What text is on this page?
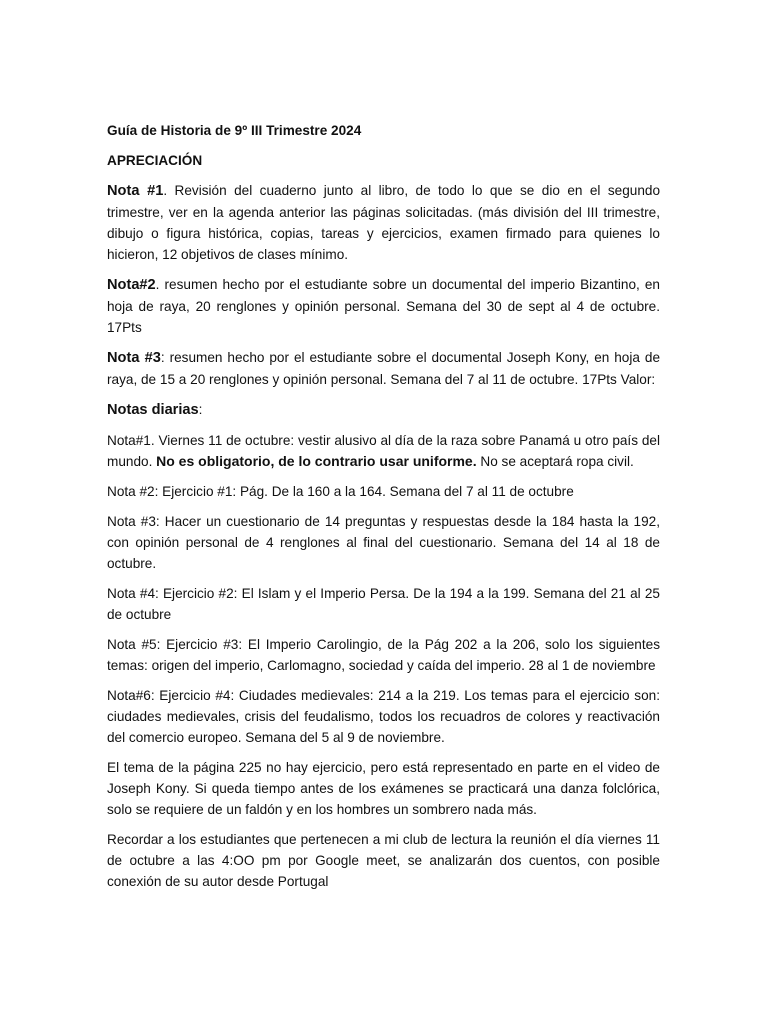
Guía de Historia de 9º III Trimestre 2024
APRECIACIÓN

Nota #1. Revisión del cuaderno junto al libro, de todo lo que se dio en el segundo trimestre, ver en la agenda anterior las páginas solicitadas. (más división del III trimestre, dibujo o figura histórica, copias, tareas y ejercicios, examen firmado para quienes lo hicieron, 12 objetivos de clases mínimo.

Nota#2. resumen hecho por el estudiante sobre un documental del imperio Bizantino, en hoja de raya, 20 renglones y opinión personal. Semana del 30 de sept al 4 de octubre. 17Pts

Nota #3: resumen hecho por el estudiante sobre el documental Joseph Kony, en hoja de raya, de 15 a 20 renglones y opinión personal. Semana del 7 al 11 de octubre. 17Pts Valor:

Notas diarias:

Nota#1. Viernes 11 de octubre: vestir alusivo al día de la raza sobre Panamá u otro país del mundo. No es obligatorio, de lo contrario usar uniforme. No se aceptará ropa civil.

Nota #2: Ejercicio #1: Pág. De la 160 a la 164. Semana del 7 al 11 de octubre

Nota #3: Hacer un cuestionario de 14 preguntas y respuestas desde la 184 hasta la 192, con opinión personal de 4 renglones al final del cuestionario. Semana del 14 al 18 de octubre.

Nota #4: Ejercicio #2: El Islam y el Imperio Persa. De la 194 a la 199. Semana del 21 al 25 de octubre

Nota #5: Ejercicio #3: El Imperio Carolingio, de la Pág 202 a la 206, solo los siguientes temas: origen del imperio, Carlomagno, sociedad y caída del imperio. 28 al 1 de noviembre

Nota#6: Ejercicio #4: Ciudades medievales: 214 a la 219. Los temas para el ejercicio son: ciudades medievales, crisis del feudalismo, todos los recuadros de colores y reactivación del comercio europeo. Semana del 5 al 9 de noviembre.

El tema de la página 225 no hay ejercicio, pero está representado en parte en el video de Joseph Kony. Si queda tiempo antes de los exámenes se practicará una danza folclórica, solo se requiere de un faldón y en los hombres un sombrero nada más.

Recordar a los estudiantes que pertenecen a mi club de lectura la reunión el día viernes 11 de octubre a las 4:OO pm por Google meet, se analizarán dos cuentos, con posible conexión de su autor desde Portugal
